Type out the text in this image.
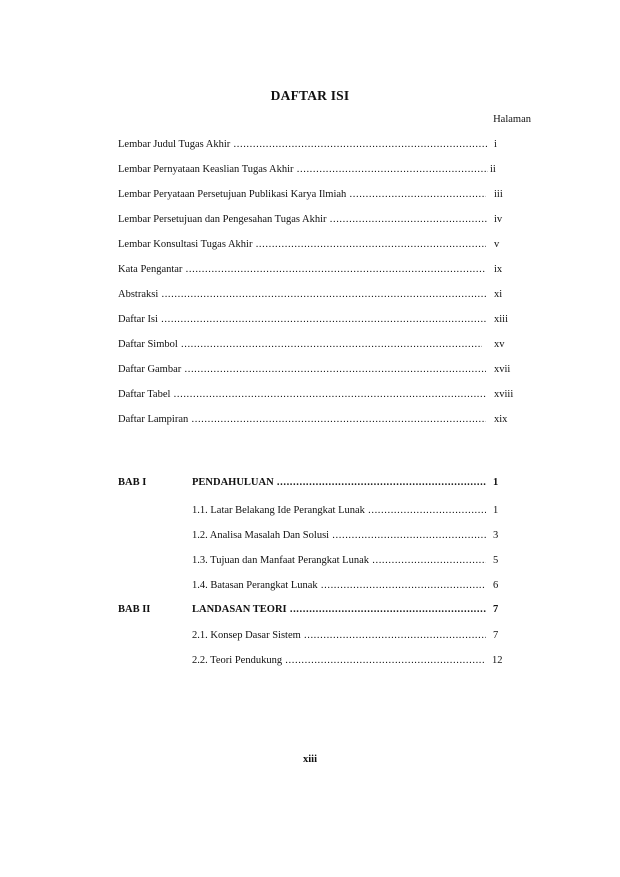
DAFTAR ISI
Halaman
Lembar Judul Tugas Akhir .....	i
Lembar Pernyataan Keaslian Tugas Akhir .....	ii
Lembar Peryataan Persetujuan Publikasi Karya Ilmiah .....	iii
Lembar Persetujuan dan Pengesahan Tugas Akhir .....	iv
Lembar Konsultasi Tugas Akhir .....	v
Kata Pengantar .....	ix
Abstraksi .....	xi
Daftar Isi .....	xiii
Daftar Simbol .....	xv
Daftar Gambar .....	xvii
Daftar Tabel .....	xviii
Daftar Lampiran .....	xix
BAB I	PENDAHULUAN .....	1
1.1. Latar Belakang Ide Perangkat Lunak .....	1
1.2. Analisa Masalah Dan Solusi .....	3
1.3. Tujuan dan Manfaat Perangkat Lunak .....	5
1.4. Batasan Perangkat Lunak .....	6
BAB II	LANDASAN TEORI .....	7
2.1. Konsep Dasar Sistem .....	7
2.2. Teori Pendukung .....	12
xiii
